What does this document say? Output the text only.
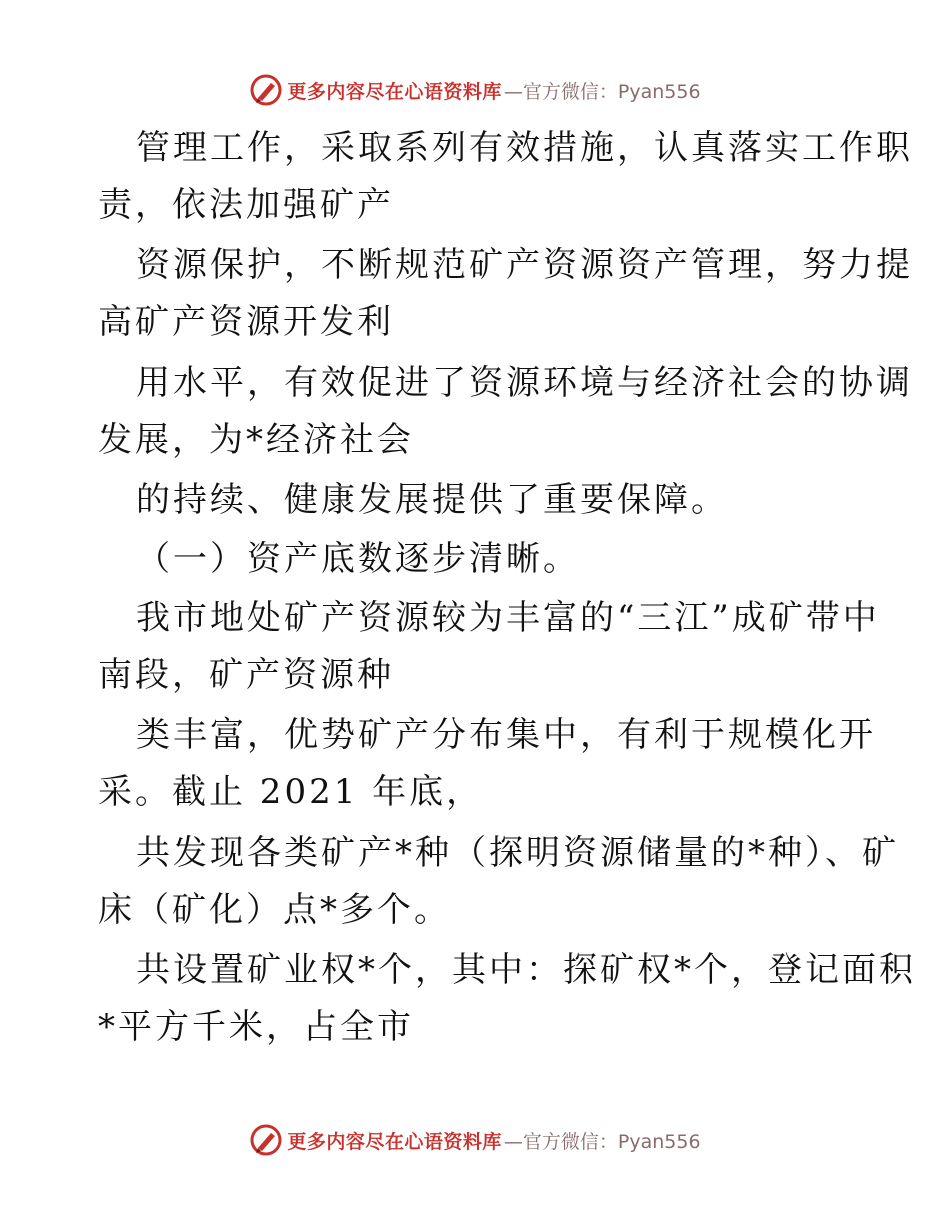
更多内容尽在心语资料库 —官方微信：Pyan556
管理工作，采取系列有效措施，认真落实工作职
责，依法加强矿产
资源保护，不断规范矿产资源资产管理，努力提
高矿产资源开发利
用水平，有效促进了资源环境与经济社会的协调
发展，为*经济社会
的持续、健康发展提供了重要保障。
（一）资产底数逐步清晰。
我市地处矿产资源较为丰富的“三江”成矿带中
南段，矿产资源种
类丰富，优势矿产分布集中，有利于规模化开
采。截止 2021 年底，
共发现各类矿产*种（探明资源储量的*种）、矿
床（矿化）点*多个。
共设置矿业权*个，其中：探矿权*个，登记面积
*平方千米，占全市
更多内容尽在心语资料库 —官方微信：Pyan556
